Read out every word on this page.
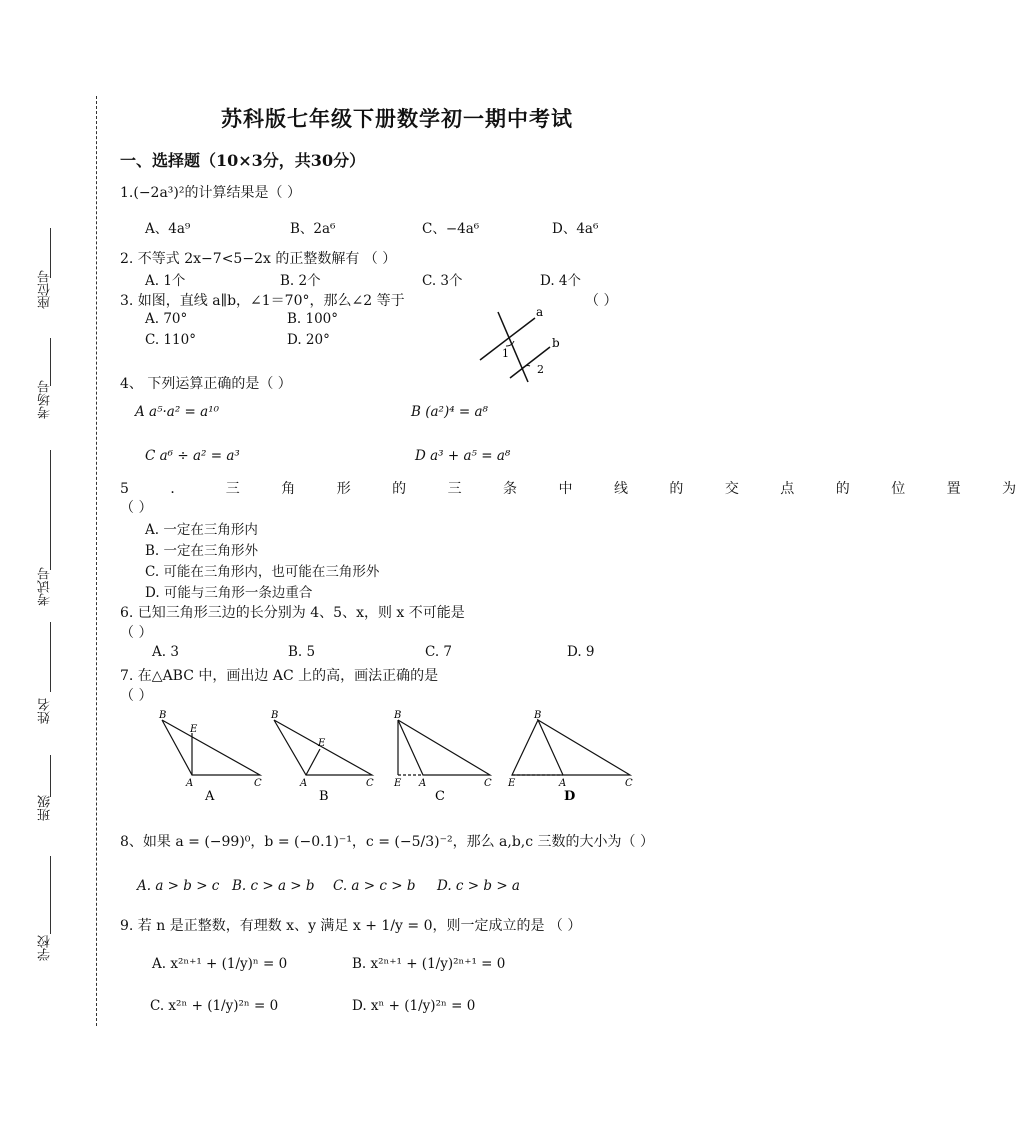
座位号
考场号
考试号
姓名
班级
学校
苏科版七年级下册数学初一期中考试
一、选择题（10×3分，共30分）
1.(−2a³)²的计算结果是（ ）
A、4a⁹	B、2a⁶	C、−4a⁶	D、4a⁶
2. 不等式 2x−7<5−2x 的正整数解有 （ ）
A. 1个	B. 2个	C. 3个	D. 4个
3. 如图，直线 a∥b，∠1＝70°，那么∠2 等于	（ ）
A. 70°	B. 100°
C. 110°	D. 20°
a
b
1
2
4、 下列运算正确的是（ ）
A a⁵·a² = a¹⁰	B (a²)⁴ = a⁸
C a⁶ ÷ a² = a³	D a³ + a⁵ = a⁸
5 ． 三 角 形 的 三 条 中 线 的 交 点 的 位 置 为
（ ）
A. 一定在三角形内
B. 一定在三角形外
C. 可能在三角形内，也可能在三角形外
D. 可能与三角形一条边重合
6. 已知三角形三边的长分别为 4、5、x，则 x 不可能是
（ ）
A. 3	B. 5	C. 7	D. 9
7. 在△ABC 中，画出边 AC 上的高，画法正确的是
（ ）
B
E
A	C
A
B
E
A	C
B
B
E A	C
C
B
E	A	C
D
8、如果 a = (−99)⁰，b = (−0.1)⁻¹，c = (−5/3)⁻²，那么 a,b,c 三数的大小为（ ）
A. a > b > c B. c > a > b C. a > c > b D. c > b > a
9. 若 n 是正整数，有理数 x、y 满足 x + 1/y = 0，则一定成立的是 （ ）
A. x²ⁿ⁺¹ + (1/y)ⁿ = 0	B. x²ⁿ⁺¹ + (1/y)²ⁿ⁺¹ = 0
C. x²ⁿ + (1/y)²ⁿ = 0	D. xⁿ + (1/y)²ⁿ = 0
